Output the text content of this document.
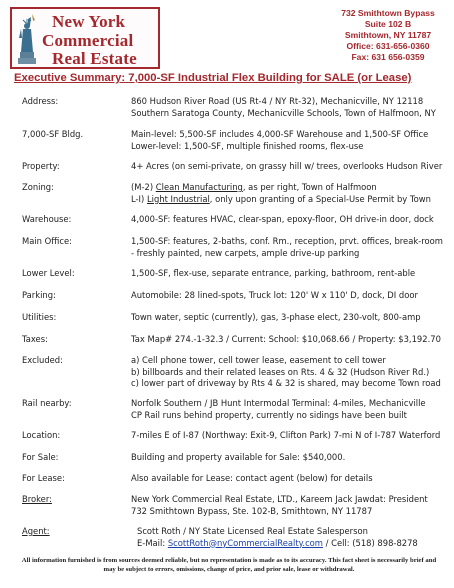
New York
Commercial
Real Estate
732 Smithtown Bypass
Suite 102 B
Smithtown, NY 11787
Office: 631-656-0360
Fax: 631 656-0359
Executive Summary: 7,000-SF Industrial Flex Building for SALE (or Lease)
Address:	860 Hudson River Road (US Rt-4 / NY Rt-32), Mechanicville, NY 12118
Southern Saratoga County, Mechanicville Schools, Town of Halfmoon, NY
7,000-SF Bldg.	Main-level: 5,500-SF includes 4,000-SF Warehouse and 1,500-SF Office
Lower-level: 1,500-SF, multiple finished rooms, flex-use
Property:	4+ Acres (on semi-private, on grassy hill w/ trees, overlooks Hudson River
Zoning:	(M-2) Clean Manufacturing, as per right, Town of Halfmoon
L-I) Light Industrial, only upon granting of a Special-Use Permit by Town
Warehouse:	4,000-SF: features HVAC, clear-span, epoxy-floor, OH drive-in door, dock
Main Office:	1,500-SF: features, 2-baths, conf. Rm., reception, prvt. offices, break-room
- freshly painted, new carpets, ample drive-up parking
Lower Level:	1,500-SF, flex-use, separate entrance, parking, bathroom, rent-able
Parking:	Automobile: 28 lined-spots, Truck lot: 120' W x 110' D, dock, DI door
Utilities:	Town water, septic (currently), gas, 3-phase elect, 230-volt, 800-amp
Taxes:	Tax Map# 274.-1-32.3 / Current: School: $10,068.66 / Property: $3,192.70
Excluded:	a) Cell phone tower, cell tower lease, easement to cell tower
b) billboards and their related leases on Rts. 4 & 32 (Hudson River Rd.)
c) lower part of driveway by Rts 4 & 32 is shared, may become Town road
Rail nearby:	Norfolk Southern / JB Hunt Intermodal Terminal: 4-miles, Mechanicville
CP Rail runs behind property, currently no sidings have been built
Location:	7-miles E of I-87 (Northway: Exit-9, Clifton Park) 7-mi N of I-787 Waterford
For Sale:	Building and property available for Sale: $540,000.
For Lease:	Also available for Lease: contact agent (below) for details
Broker:	New York Commercial Real Estate, LTD., Kareem Jack Jawdat: President
732 Smithtown Bypass, Ste. 102-B, Smithtown, NY 11787
Agent:	Scott Roth / NY State Licensed Real Estate Salesperson
E-Mail: ScottRoth@nyCommercialRealty.com / Cell: (518) 898-8278
All information furnished is from sources deemed reliable, but no representation is made as to its accuracy. This fact sheet is necessarily brief and
may be subject to errors, omissions, change of price, and prior sale, lease or withdrawal.
